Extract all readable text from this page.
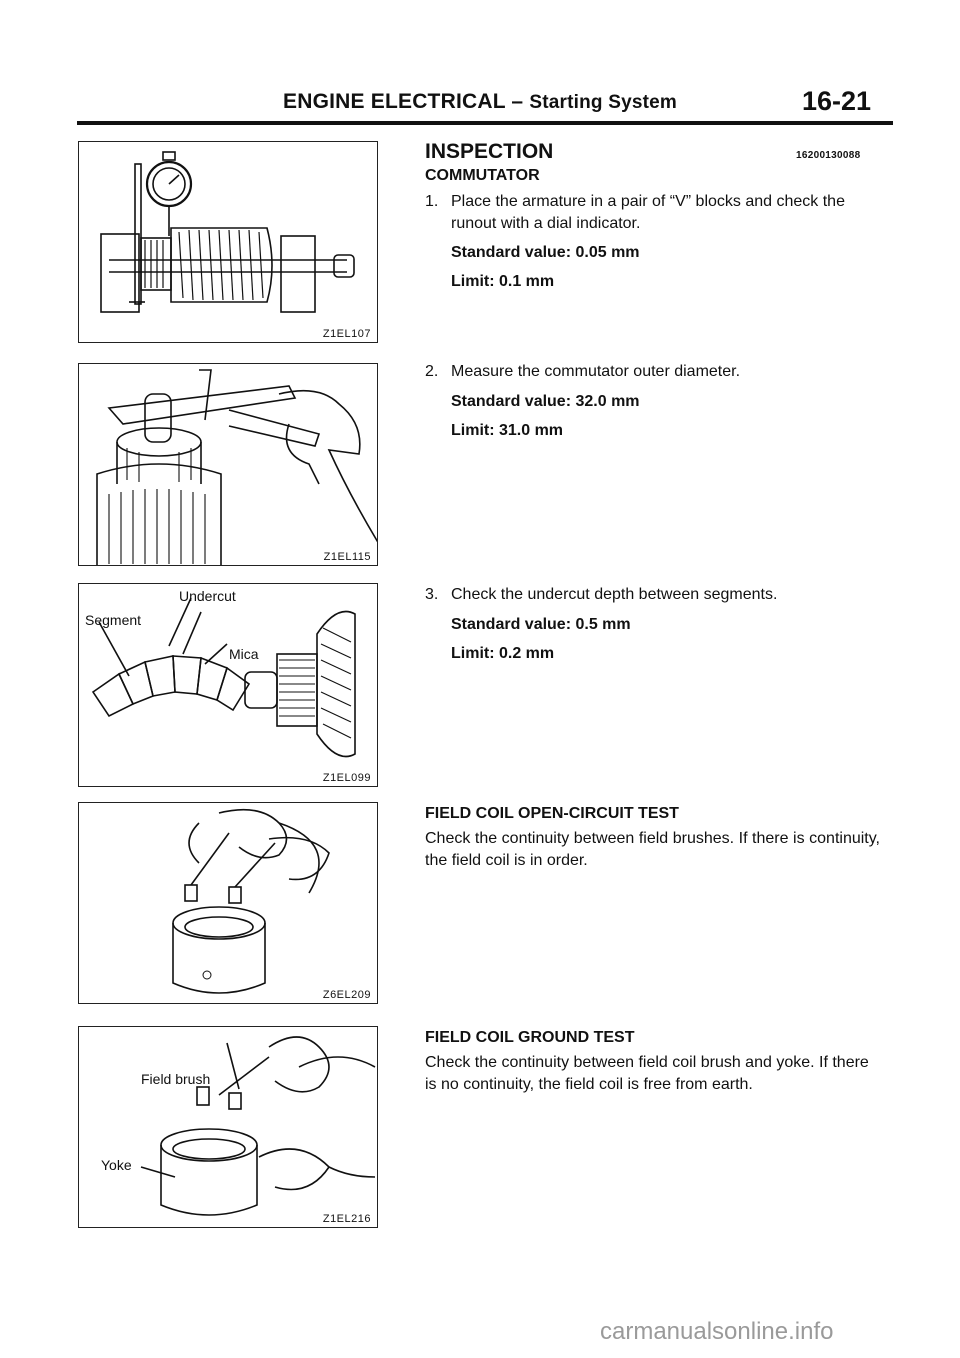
ENGINE ELECTRICAL – Starting System	16-21
Z1EL107
Z1EL115
Undercut
Segment
Mica
Z1EL099
Z6EL209
Field brush
Yoke
Z1EL216
INSPECTION	16200130088
COMMUTATOR
1. Place the armature in a pair of “V” blocks and check the runout with a dial indicator.
Standard value: 0.05 mm
Limit: 0.1 mm
2. Measure the commutator outer diameter.
Standard value: 32.0 mm
Limit: 31.0 mm
3. Check the undercut depth between segments.
Standard value: 0.5 mm
Limit: 0.2 mm
FIELD COIL OPEN-CIRCUIT TEST
Check the continuity between field brushes. If there is continuity, the field coil is in order.
FIELD COIL GROUND TEST
Check the continuity between field coil brush and yoke. If there is no continuity, the field coil is free from earth.
carmanualsonline.info
